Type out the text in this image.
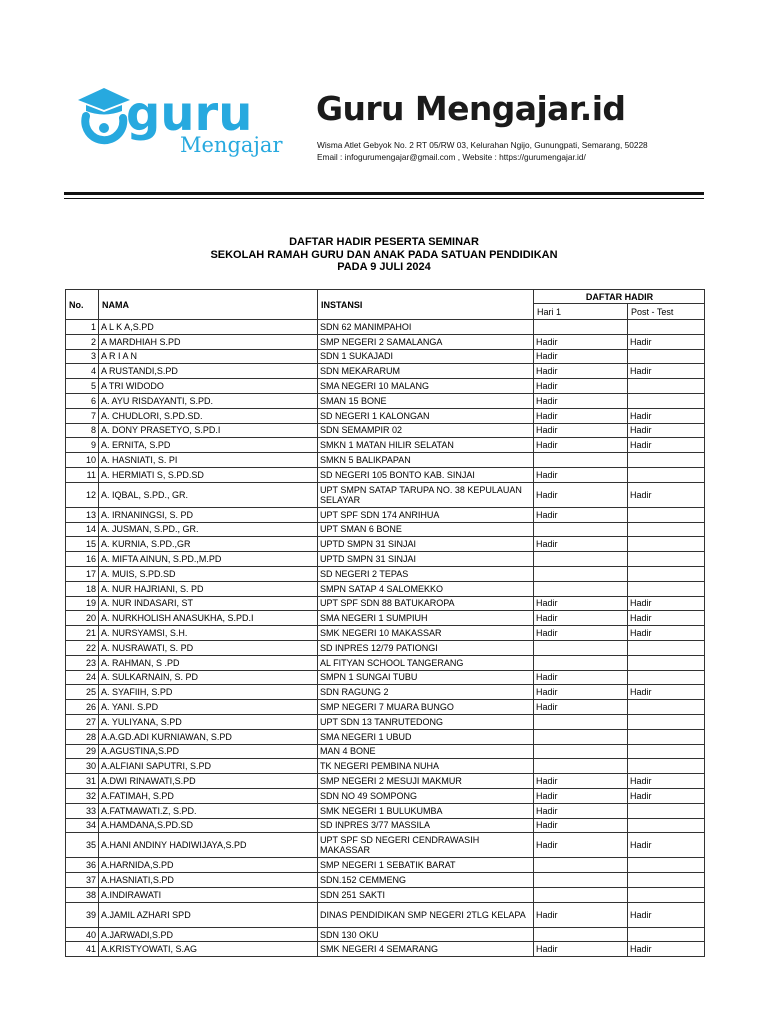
guru
Mengajar
Guru Mengajar.id
Wisma Atlet Gebyok No. 2 RT 05/RW 03, Kelurahan Ngijo, Gunungpati, Semarang, 50228
Email : infogurumengajar@gmail.com , Website : https://gurumengajar.id/
DAFTAR HADIR PESERTA SEMINAR
SEKOLAH RAMAH GURU DAN ANAK PADA SATUAN PENDIDIKAN
PADA 9 JULI 2024
No.	NAMA	INSTANSI	DAFTAR HADIR	
			Hari 1	Post - Test
1	A L K A,S.PD	SDN 62 MANIMPAHOI		
2	A MARDHIAH S.PD	SMP NEGERI 2 SAMALANGA	Hadir	Hadir
3	A R I A N	SDN 1 SUKAJADI	Hadir	
4	A RUSTANDI,S.PD	SDN MEKARARUM	Hadir	Hadir
5	A TRI WIDODO	SMA NEGERI 10 MALANG	Hadir	
6	A. AYU RISDAYANTI, S.PD.	SMAN 15 BONE	Hadir	
7	A. CHUDLORI, S.PD.SD.	SD NEGERI 1 KALONGAN	Hadir	Hadir
8	A. DONY PRASETYO, S.PD.I	SDN SEMAMPIR 02	Hadir	Hadir
9	A. ERNITA, S.PD	SMKN 1 MATAN HILIR SELATAN	Hadir	Hadir
10	A. HASNIATI, S. PI	SMKN 5 BALIKPAPAN		
11	A. HERMIATI S, S.PD.SD	SD NEGERI 105 BONTO KAB. SINJAI	Hadir	
12	A. IQBAL, S.PD., GR.	UPT SMPN SATAP TARUPA NO. 38 KEPULAUAN SELAYAR	Hadir	Hadir
13	A. IRNANINGSI, S. PD	UPT SPF SDN 174 ANRIHUA	Hadir	
14	A. JUSMAN, S.PD., GR.	UPT SMAN 6 BONE		
15	A. KURNIA, S.PD.,GR	UPTD SMPN 31 SINJAI	Hadir	
16	A. MIFTA AINUN, S.PD.,M.PD	UPTD SMPN 31 SINJAI		
17	A. MUIS, S.PD.SD	SD NEGERI 2 TEPAS		
18	A. NUR HAJRIANI, S. PD	SMPN SATAP 4 SALOMEKKO		
19	A. NUR INDASARI, ST	UPT SPF SDN 88 BATUKAROPA	Hadir	Hadir
20	A. NURKHOLISH ANASUKHA, S.PD.I	SMA NEGERI 1 SUMPIUH	Hadir	Hadir
21	A. NURSYAMSI, S.H.	SMK NEGERI 10 MAKASSAR	Hadir	Hadir
22	A. NUSRAWATI, S. PD	SD INPRES 12/79 PATIONGI		
23	A. RAHMAN, S .PD	AL FITYAN SCHOOL TANGERANG		
24	A. SULKARNAIN, S. PD	SMPN 1 SUNGAI TUBU	Hadir	
25	A. SYAFIIH, S.PD	SDN RAGUNG 2	Hadir	Hadir
26	A. YANI. S.PD	SMP NEGERI 7 MUARA BUNGO	Hadir	
27	A. YULIYANA, S.PD	UPT SDN 13 TANRUTEDONG		
28	A.A.GD.ADI KURNIAWAN, S.PD	SMA NEGERI 1 UBUD		
29	A.AGUSTINA,S.PD	MAN 4 BONE		
30	A.ALFIANI SAPUTRI, S.PD	TK NEGERI PEMBINA NUHA		
31	A.DWI RINAWATI,S.PD	SMP NEGERI 2 MESUJI MAKMUR	Hadir	Hadir
32	A.FATIMAH, S.PD	SDN NO 49 SOMPONG	Hadir	Hadir
33	A.FATMAWATI.Z, S.PD.	SMK NEGERI 1 BULUKUMBA	Hadir	
34	A.HAMDANA,S.PD.SD	SD INPRES 3/77 MASSILA	Hadir	
35	A.HANI ANDINY HADIWIJAYA,S.PD	UPT SPF SD NEGERI CENDRAWASIH MAKASSAR	Hadir	Hadir
36	A.HARNIDA,S.PD	SMP NEGERI 1 SEBATIK BARAT		
37	A.HASNIATI,S.PD	SDN.152 CEMMENG		
38	A.INDIRAWATI	SDN 251 SAKTI		
39	A.JAMIL AZHARI SPD	DINAS PENDIDIKAN SMP NEGERI 2TLG KELAPA	Hadir	Hadir
40	A.JARWADI,S.PD	SDN 130 OKU		
41	A.KRISTYOWATI, S.AG	SMK NEGERI 4 SEMARANG	Hadir	Hadir
